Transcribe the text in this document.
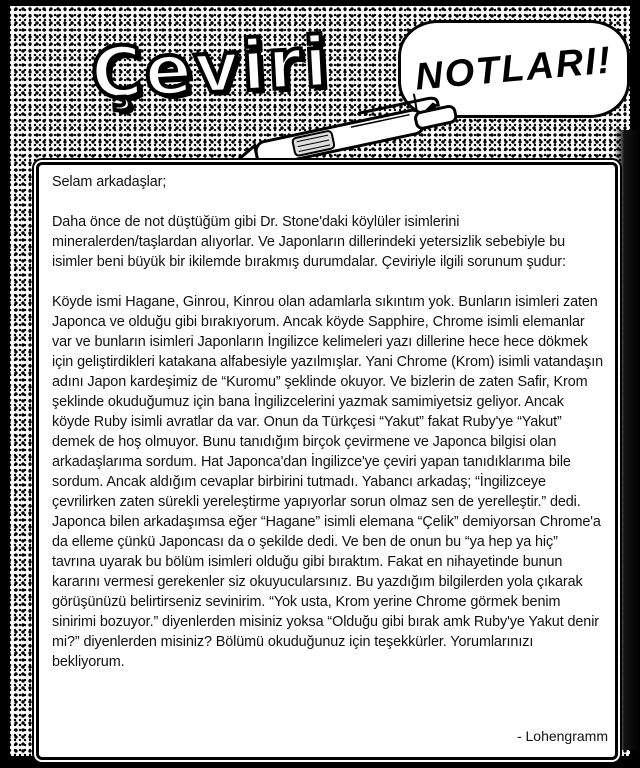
Çeviri NOTLARI!

Selam arkadaşlar;

Daha önce de not düştüğüm gibi Dr. Stone'daki köylüler isimlerini mineralerden/taşlardan alıyorlar. Ve Japonların dillerindeki yetersizlik sebebiyle bu isimler beni büyük bir ikilemde bırakmış durumdalar. Çeviriyle ilgili sorunum şudur:

Köyde ismi Hagane, Ginrou, Kinrou olan adamlarla sıkıntım yok. Bunların isimleri zaten Japonca ve olduğu gibi bırakıyorum. Ancak köyde Sapphire, Chrome isimli elemanlar var ve bunların isimleri Japonların İngilizce kelimeleri yazı dillerine hece hece dökmek için geliştirdikleri katakana alfabesiyle yazılmışlar. Yani Chrome (Krom) isimli vatandaşın adını Japon kardeşimiz de “Kuromu” şeklinde okuyor. Ve bizlerin de zaten Safir, Krom şeklinde okuduğumuz için bana İngilizcelerini yazmak samimiyetsiz geliyor. Ancak köyde Ruby isimli avratlar da var. Onun da Türkçesi “Yakut” fakat Ruby'ye “Yakut” demek de hoş olmuyor. Bunu tanıdığım birçok çevirmene ve Japonca bilgisi olan arkadaşlarıma sordum. Hat Japonca'dan İngilizce'ye çeviri yapan tanıdıklarıma bile sordum. Ancak aldığım cevaplar birbirini tutmadı. Yabancı arkadaş; “İngilizceye çevrilirken zaten sürekli yereleştirme yapıyorlar sorun olmaz sen de yerelleştir.” dedi. Japonca bilen arkadaşımsa eğer “Hagane” isimli elemana “Çelik” demiyorsan Chrome'a da elleme çünkü Japoncası da o şekilde dedi. Ve ben de onun bu “ya hep ya hiç” tavrına uyarak bu bölüm isimleri olduğu gibi bıraktım. Fakat en nihayetinde bunun kararını vermesi gerekenler siz okuyucularsınız. Bu yazdığım bilgilerden yola çıkarak görüşünüzü belirtirseniz sevinirim. “Yok usta, Krom yerine Chrome görmek benim sinirimi bozuyor.” diyenlerden misiniz yoksa “Olduğu gibi bırak amk Ruby'ye Yakut denir mi?” diyenlerden misiniz? Bölümü okuduğunuz için teşekkürler. Yorumlarınızı bekliyorum.

- Lohengramm
